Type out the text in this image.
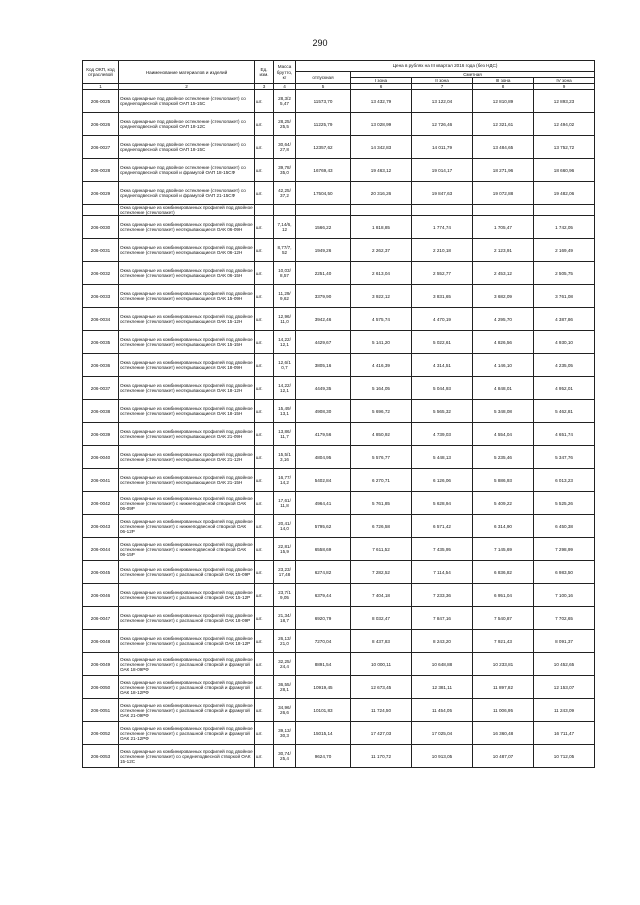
290
Код ОКП, код отраслевой	Наименование материалов и изделий	Ед. изм.	Масса брутто, кг	Цена в рублях на III квартал 2016 года (без НДС)				
				отпускная	Сметная			
					I зона	II зона	III зона	IV зона
1	2	3	4	5	6	7	8	9
206-0025	Окна одинарные под двойное остекление (стеклопакет) со среднеподвесной створкой ОАП 15-15С	шт.	28,3/2 5,47	11573,70	13 432,79	13 122,04	12 810,89	12 893,23
206-0026	Окна одинарные под двойное остекление (стеклопакет) со среднеподвесной створкой ОАП 18-12С	шт.	28,25/ 25,5	11225,79	13 028,99	12 726,46	12 321,61	12 494,02
206-0027	Окна одинарные под двойное остекление (стеклопакет) со среднеподвесной створкой ОАП 18-15С	шт.	30,64/ 27,8	12357,62	14 342,83	14 011,79	13 484,65	13 752,72
206-0028	Окна одинарные под двойное остекление (стеклопакет) со среднеподвесной створкой и фрамугой ОАП 18-15СФ	шт.	39,78/ 35,0	16769,43	19 463,12	19 014,17	18 271,96	18 660,96
206-0029	Окна одинарные под двойное остекление (стеклопакет) со среднеподвесной створкой и фрамугой ОАП 21-15СФ	шт.	42,25/ 37,2	17504,50	20 316,26	19 847,63	19 072,88	19 482,06
	Окна одинарные из комбинированных профилей под двойное остекление (стеклопакет)							
206-0030	Окна одинарные из комбинированных профилей под двойное остекление (стеклопакет) неоткрывающиеся ОАК 06-09Н	шт.	7,14/6, 12	1566,22	1 818,85	1 774,74	1 705,47	1 742,05
206-0031	Окна одинарные из комбинированных профилей под двойное остекление (стеклопакет) неоткрывающиеся ОАК 06-12Н	шт.	8,77/7, 52	1949,26	2 262,37	2 210,18	2 123,91	2 169,49
206-0032	Окна одинарные из комбинированных профилей под двойное остекление (стеклопакет) неоткрывающиеся ОАК 06-15Н	шт.	10,03/ 8,57	2251,40	2 613,04	2 552,77	2 453,12	2 505,75
206-0033	Окна одинарные из комбинированных профилей под двойное остекление (стеклопакет) неоткрывающиеся ОАК 15-09Н	шт.	11,29/ 9,62	3379,90	3 922,12	3 831,65	3 682,09	3 761,08
206-0034	Окна одинарные из комбинированных профилей под двойное остекление (стеклопакет) неоткрывающиеся ОАК 15-12Н	шт.	12,96/ 11,0	3942,46	4 575,74	4 470,19	4 295,70	4 387,86
206-0035	Окна одинарные из комбинированных профилей под двойное остекление (стеклопакет) неоткрывающиеся ОАК 15-15Н	шт.	14,22/ 12,1	4429,67	5 141,20	5 022,61	4 826,56	4 930,10
206-0036	Окна одинарные из комбинированных профилей под двойное остекление (стеклопакет) неоткрывающиеся ОАК 18-09Н	шт.	12,6/1 0,7	3805,16	4 416,39	4 314,51	4 146,10	4 235,05
206-0037	Окна одинарные из комбинированных профилей под двойное остекление (стеклопакет) неоткрывающиеся ОАК 18-12Н	шт.	14,22/ 12,1	4449,35	5 164,05	5 044,93	4 848,01	4 952,01
206-0038	Окна одинарные из комбинированных профилей под двойное остекление (стеклопакет) неоткрывающиеся ОАК 18-15Н	шт.	15,49/ 13,1	4908,30	5 696,72	5 565,32	5 348,08	5 462,81
206-0039	Окна одинарные из комбинированных профилей под двойное остекление (стеклопакет) неоткрывающиеся ОАК 21-09Н	шт.	13,86/ 11,7	4179,56	4 850,92	4 739,03	4 554,04	4 651,74
206-0040	Окна одинарные из комбинированных профилей под двойное остекление (стеклопакет) неоткрывающиеся ОАК 21-12Н	шт.	15,5/1 3,16	4804,95	5 576,77	5 448,13	5 235,46	5 347,76
206-0041	Окна одинарные из комбинированных профилей под двойное остекление (стеклопакет) неоткрывающиеся ОАК 21-15Н	шт.	16,77/ 14,2	5402,84	6 270,71	6 126,06	5 886,93	6 013,23
206-0042	Окна одинарные из комбинированных профилей под двойное остекление (стеклопакет) с нижнеподвесной створкой ОАК 06-09Р	шт.	17,61/ 11,8	4964,41	5 761,85	5 628,94	5 409,22	5 525,26
206-0043	Окна одинарные из комбинированных профилей под двойное остекление (стеклопакет) с нижнеподвесной створкой ОАК 06-12Р	шт.	20,41/ 14,0	5795,62	6 726,58	6 571,42	6 314,90	6 450,38
206-0044	Окна одинарные из комбинированных профилей под двойное остекление (стеклопакет) с нижнеподвесной створкой ОАК 06-15Р	шт.	22,81/ 15,9	6558,69	7 611,52	7 435,95	7 145,69	7 298,99
206-0045	Окна одинарные из комбинированных профилей под двойное остекление (стеклопакет) с распашной створкой ОАК 15-09Р	шт.	23,23/ 17,48	6274,82	7 282,52	7 114,54	6 836,82	6 983,50
206-0046	Окна одинарные из комбинированных профилей под двойное остекление (стеклопакет) с распашной створкой ОАК 15-12Р	шт.	23,7/1 9,05	6379,44	7 404,18	7 233,36	6 951,04	7 100,16
206-0047	Окна одинарные из комбинированных профилей под двойное остекление (стеклопакет) с распашной створкой ОАК 18-09Р	шт.	21,34/ 18,7	6920,79	8 032,47	7 847,16	7 540,87	7 702,65
206-0048	Окна одинарные из комбинированных профилей под двойное остекление (стеклопакет) с распашной створкой ОАК 18-12Р	шт.	26,13/ 21,0	7270,04	8 437,83	8 243,20	7 921,43	8 091,37
206-0049	Окна одинарные из комбинированных профилей под двойное остекление (стеклопакет) с распашной створкой и фрамугой ОАК 18-09РФ	шт.	32,25/ 24,4	8891,54	10 000,11	10 648,88	10 233,81	10 452,65
206-0050	Окна одинарные из комбинированных профилей под двойное остекление (стеклопакет) с распашной створкой и фрамугой ОАК 18-12РФ	шт.	36,55/ 28,1	10919,45	12 673,45	12 381,11	11 897,82	12 153,07
206-0051	Окна одинарные из комбинированных профилей под двойное остекление (стеклопакет) с распашной створкой и фрамугой ОАК 21-09РФ	шт.	34,96/ 26,6	10101,83	11 724,50	11 454,05	11 006,95	11 243,09
206-0052	Окна одинарные из комбинированных профилей под двойное остекление (стеклопакет) с распашной створкой и фрамугой ОАК 21-12РФ	шт.	39,13/ 30,3	15015,14	17 427,03	17 025,04	16 360,48	16 711,47
206-0053	Окна одинарные из комбинированных профилей под двойное остекление (стеклопакет) со среднеподвесной створкой ОАК 15-12С	шт.	30,74/ 25,4	9624,70	11 170,72	10 913,05	10 487,07	10 712,05
